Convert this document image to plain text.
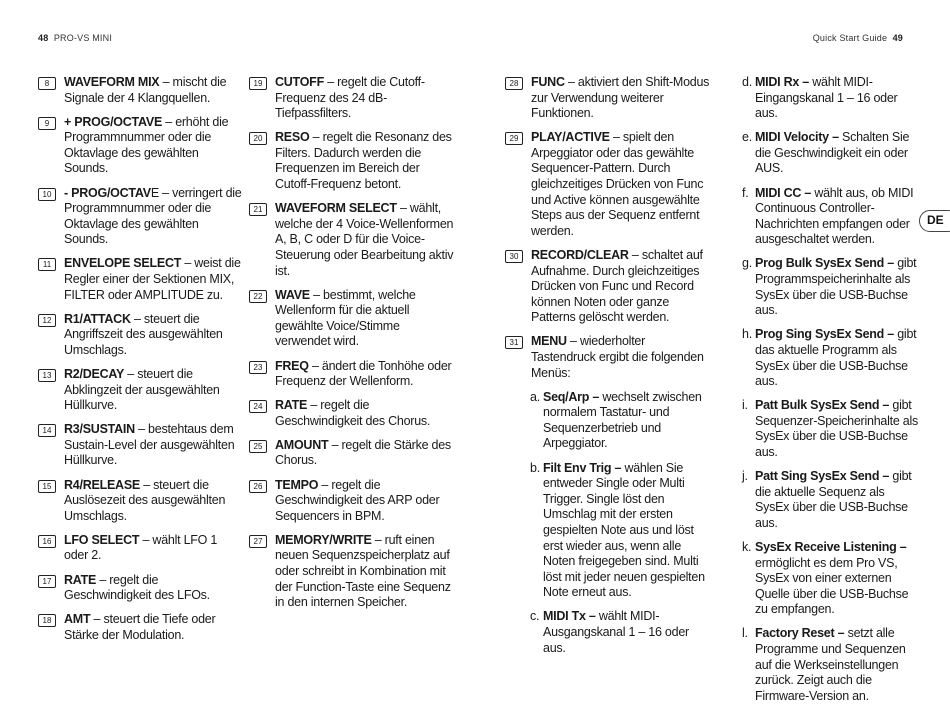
48 PRO-VS MINI	Quick Start Guide 49
8	WAVEFORM MIX – mischt die Signale der 4 Klangquellen.
9	+ PROG/OCTAVE – erhöht die Programmnummer oder die Oktavlage des gewählten Sounds.
10	- PROG/OCTAVE – verringert die Programmnummer oder die Oktavlage des gewählten Sounds.
11	ENVELOPE SELECT – weist die Regler einer der Sektionen MIX, FILTER oder AMPLITUDE zu.
12	R1/ATTACK – steuert die Angriffszeit des ausgewählten Umschlags.
13	R2/DECAY – steuert die Abklingzeit der ausgewählten Hüllkurve.
14	R3/SUSTAIN – bestehtaus dem Sustain-Level der ausgewählten Hüllkurve.
15	R4/RELEASE – steuert die Auslösezeit des ausgewählten Umschlags.
16	LFO SELECT – wählt LFO 1 oder 2.
17	RATE – regelt die Geschwindigkeit des LFOs.
18	AMT – steuert die Tiefe oder Stärke der Modulation.
19	CUTOFF – regelt die Cutoff-Frequenz des 24 dB-Tiefpassfilters.
20	RESO – regelt die Resonanz des Filters. Dadurch werden die Frequenzen im Bereich der Cutoff-Frequenz betont.
21	WAVEFORM SELECT – wählt, welche der 4 Voice-Wellenformen A, B, C oder D für die Voice-Steuerung oder Bearbeitung aktiv ist.
22	WAVE – bestimmt, welche Wellenform für die aktuell gewählte Voice/Stimme verwendet wird.
23	FREQ – ändert die Tonhöhe oder Frequenz der Wellenform.
24	RATE – regelt die Geschwindigkeit des Chorus.
25	AMOUNT – regelt die Stärke des Chorus.
26	TEMPO – regelt die Geschwindigkeit des ARP oder Sequencers in BPM.
27	MEMORY/WRITE – ruft einen neuen Sequenzspeicherplatz auf oder schreibt in Kombination mit der Function-Taste eine Sequenz in den internen Speicher.
28	FUNC – aktiviert den Shift-Modus zur Verwendung weiterer Funktionen.
29	PLAY/ACTIVE – spielt den Arpeggiator oder das gewählte Sequencer-Pattern. Durch gleichzeitiges Drücken von Func und Active können ausgewählte Steps aus der Sequenz entfernt werden.
30	RECORD/CLEAR – schaltet auf Aufnahme. Durch gleichzeitiges Drücken von Func und Record können Noten oder ganze Patterns gelöscht werden.
31	MENU – wiederholter Tastendruck ergibt die folgenden Menüs:
a. Seq/Arp – wechselt zwischen normalem Tastatur- und Sequenzerbetrieb und Arpeggiator.
b. Filt Env Trig – wählen Sie entweder Single oder Multi Trigger. Single löst den Umschlag mit der ersten gespielten Note aus und löst erst wieder aus, wenn alle Noten freigegeben sind. Multi löst mit jeder neuen gespielten Note erneut aus.
c. MIDI Tx – wählt MIDI-Ausgangskanal 1 – 16 oder aus.
d. MIDI Rx – wählt MIDI-Eingangskanal 1 – 16 oder aus.
e. MIDI Velocity – Schalten Sie die Geschwindigkeit ein oder AUS.
f. MIDI CC – wählt aus, ob MIDI Continuous Controller-Nachrichten empfangen oder ausgeschaltet werden.
g. Prog Bulk SysEx Send – gibt Programmspeicherinhalte als SysEx über die USB-Buchse aus.
h. Prog Sing SysEx Send – gibt das aktuelle Programm als SysEx über die USB-Buchse aus.
i. Patt Bulk SysEx Send – gibt Sequenzer-Speicherinhalte als SysEx über die USB-Buchse aus.
j. Patt Sing SysEx Send – gibt die aktuelle Sequenz als SysEx über die USB-Buchse aus.
k. SysEx Receive Listening – ermöglicht es dem Pro VS, SysEx von einer externen Quelle über die USB-Buchse zu empfangen.
l. Factory Reset – setzt alle Programme und Sequenzen auf die Werkseinstellungen zurück. Zeigt auch die Firmware-Version an.
DE
